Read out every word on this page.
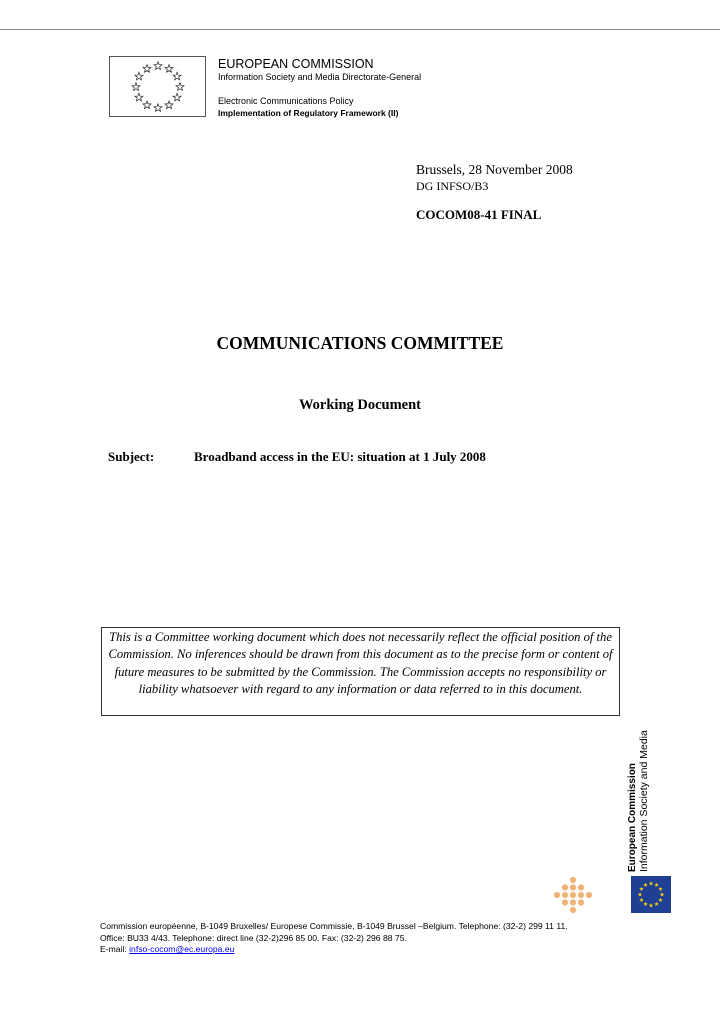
EUROPEAN COMMISSION
Information Society and Media Directorate-General
Electronic Communications Policy
Implementation of Regulatory Framework (II)
Brussels, 28 November 2008
DG INFSO/B3
COCOM08-41 FINAL
COMMUNICATIONS COMMITTEE
Working Document
Subject:	Broadband access in the EU: situation at 1 July 2008
This is a Committee working document which does not necessarily reflect the official position of the Commission. No inferences should be drawn from this document as to the precise form or content of future measures to be submitted by the Commission. The Commission accepts no responsibility or liability whatsoever with regard to any information or data referred to in this document.
European Commission Information Society and Media
Commission européenne, B-1049 Bruxelles/ Europese Commissie, B-1049 Brussel –Belgium. Telephone: (32-2) 299 11 11.
Office: BU33 4/43. Telephone: direct line (32-2)296 85 00. Fax: (32-2) 296 88 75.
E-mail: infso-cocom@ec.europa.eu
